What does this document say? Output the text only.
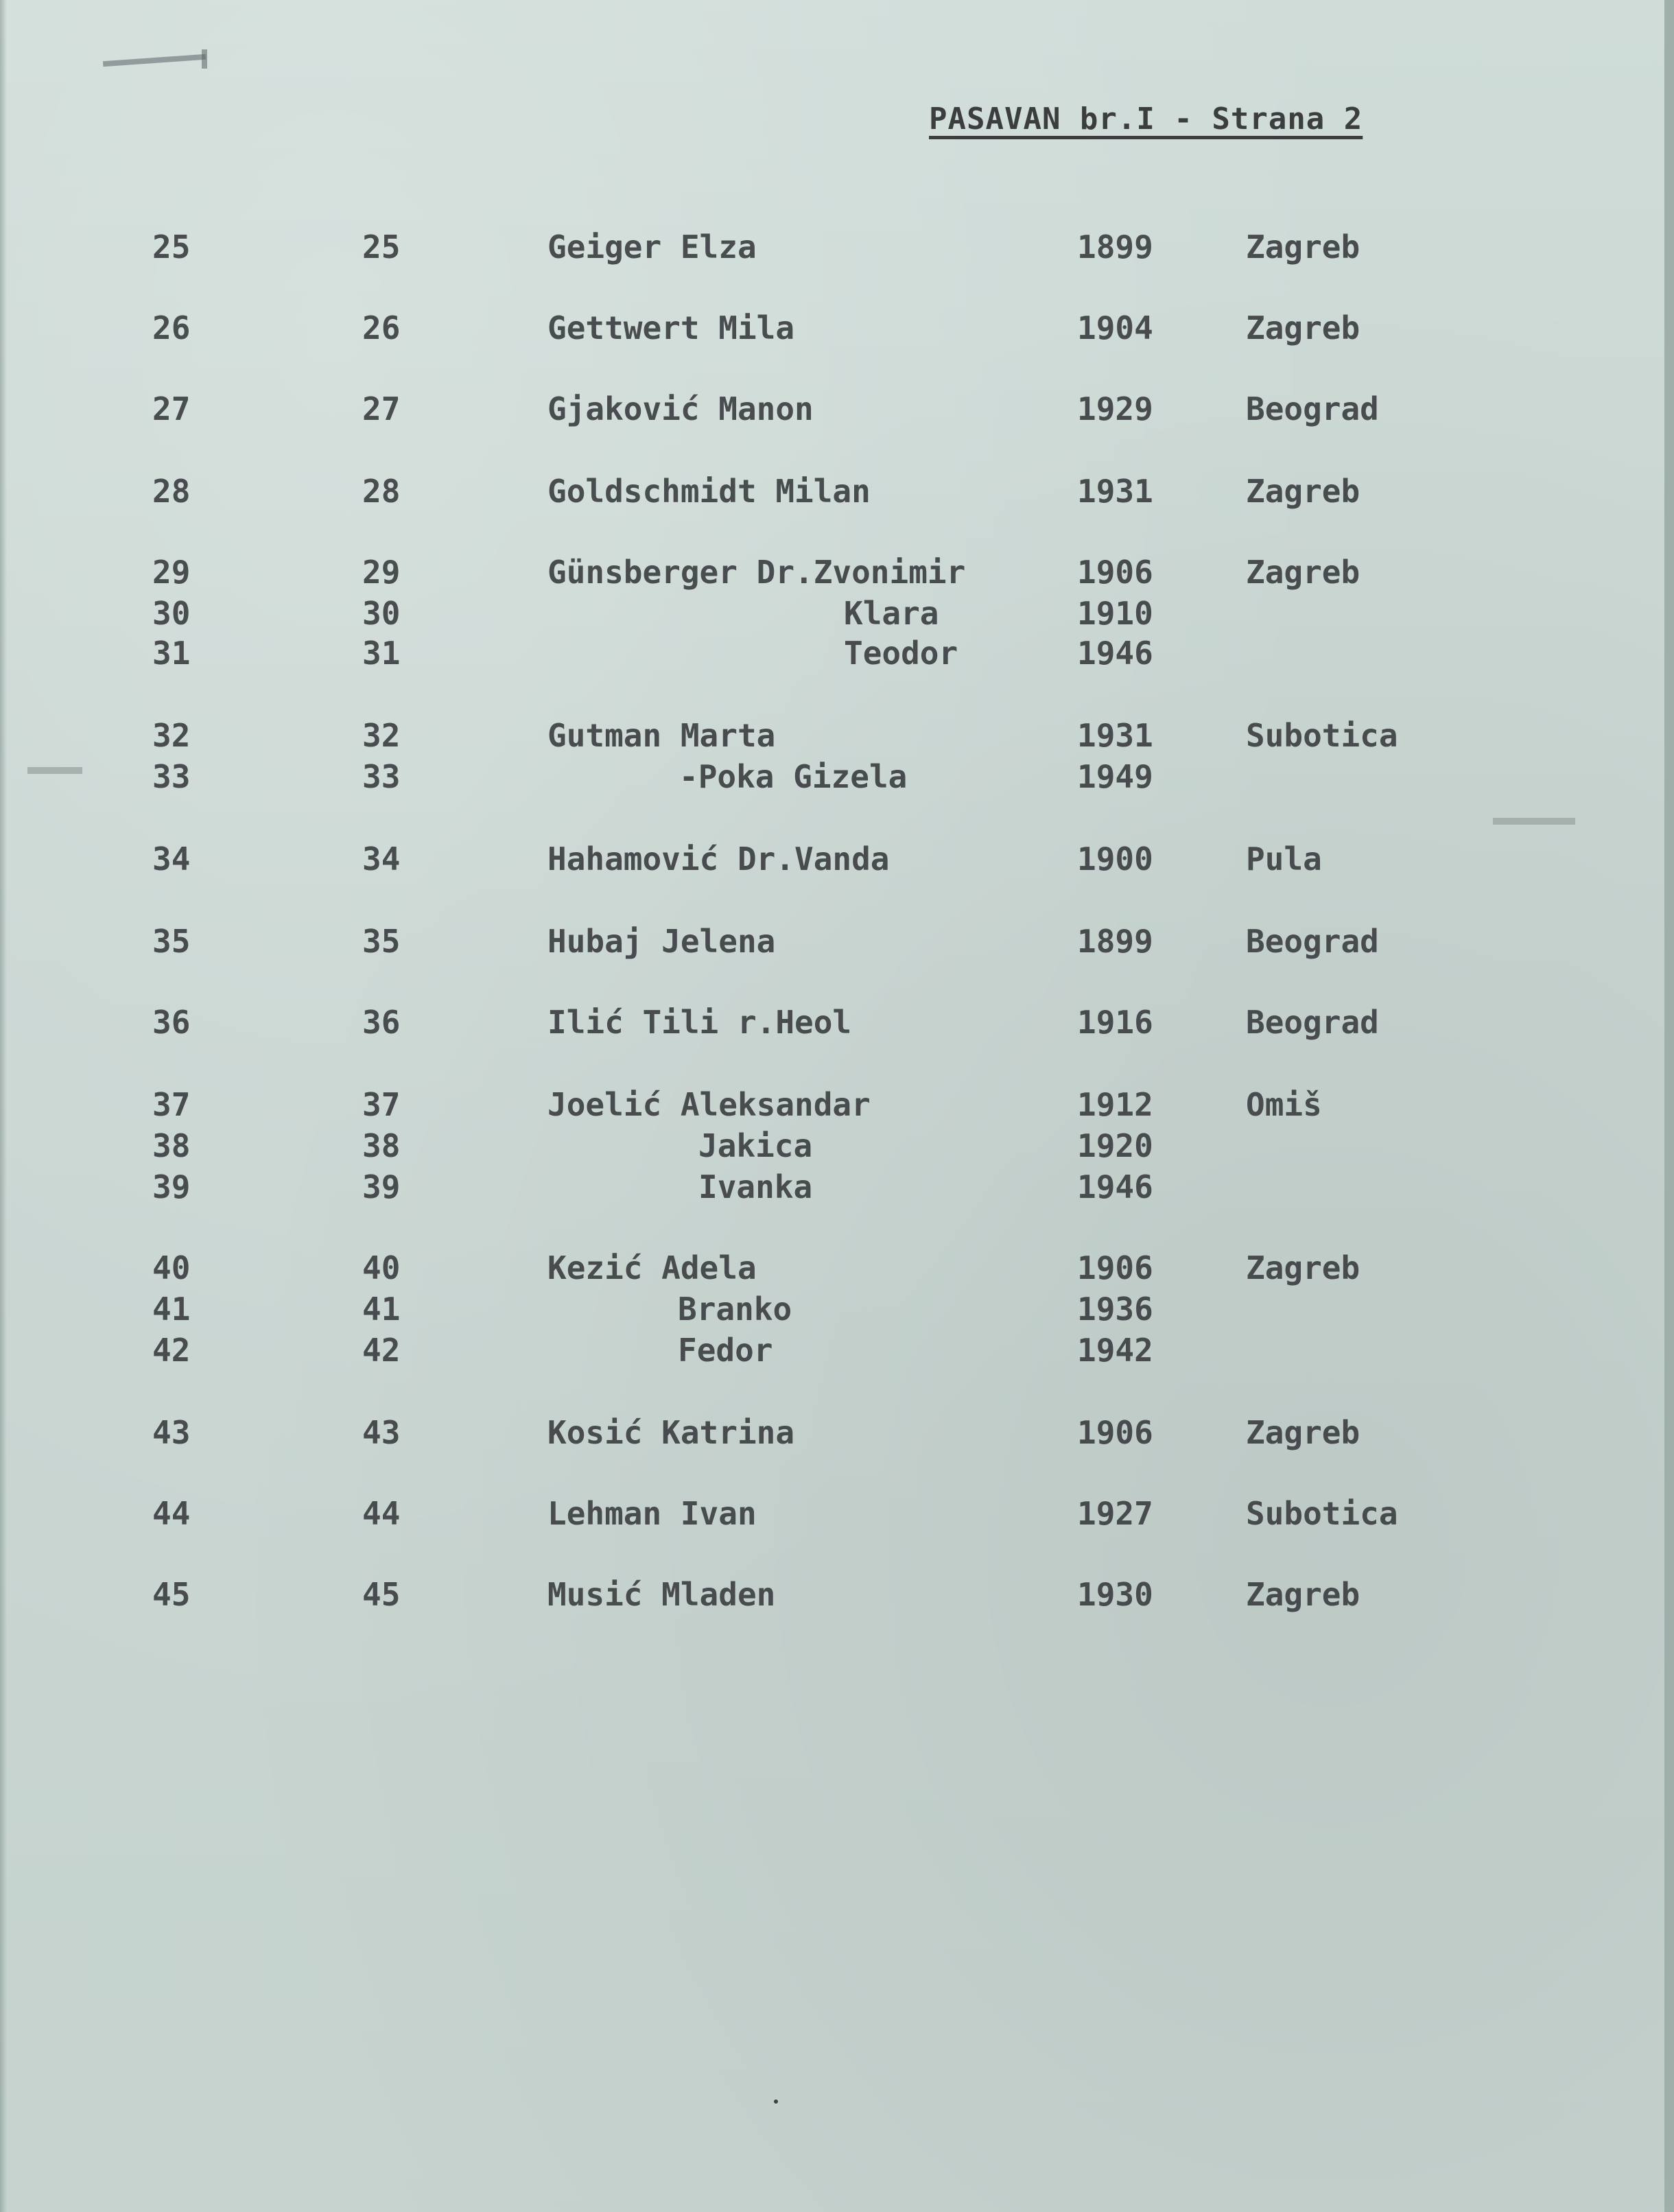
PASAVAN br.I - Strana 2
25	25	Geiger Elza	1899	Zagreb
26	26	Gettwert Mila	1904	Zagreb
27	27	Gjaković Manon	1929	Beograd
28	28	Goldschmidt Milan	1931	Zagreb
29	29	Günsberger Dr.Zvonimir	1906	Zagreb
30	30	Klara	1910
31	31	Teodor	1946
32	32	Gutman Marta	1931	Subotica
33	33	-Poka Gizela	1949
34	34	Hahamović Dr.Vanda	1900	Pula
35	35	Hubaj Jelena	1899	Beograd
36	36	Ilić Tili r.Heol	1916	Beograd
37	37	Joelić Aleksandar	1912	Omiš
38	38	Jakica	1920
39	39	Ivanka	1946
40	40	Kezić Adela	1906	Zagreb
41	41	Branko	1936
42	42	Fedor	1942
43	43	Kosić Katrina	1906	Zagreb
44	44	Lehman Ivan	1927	Subotica
45	45	Musić Mladen	1930	Zagreb
